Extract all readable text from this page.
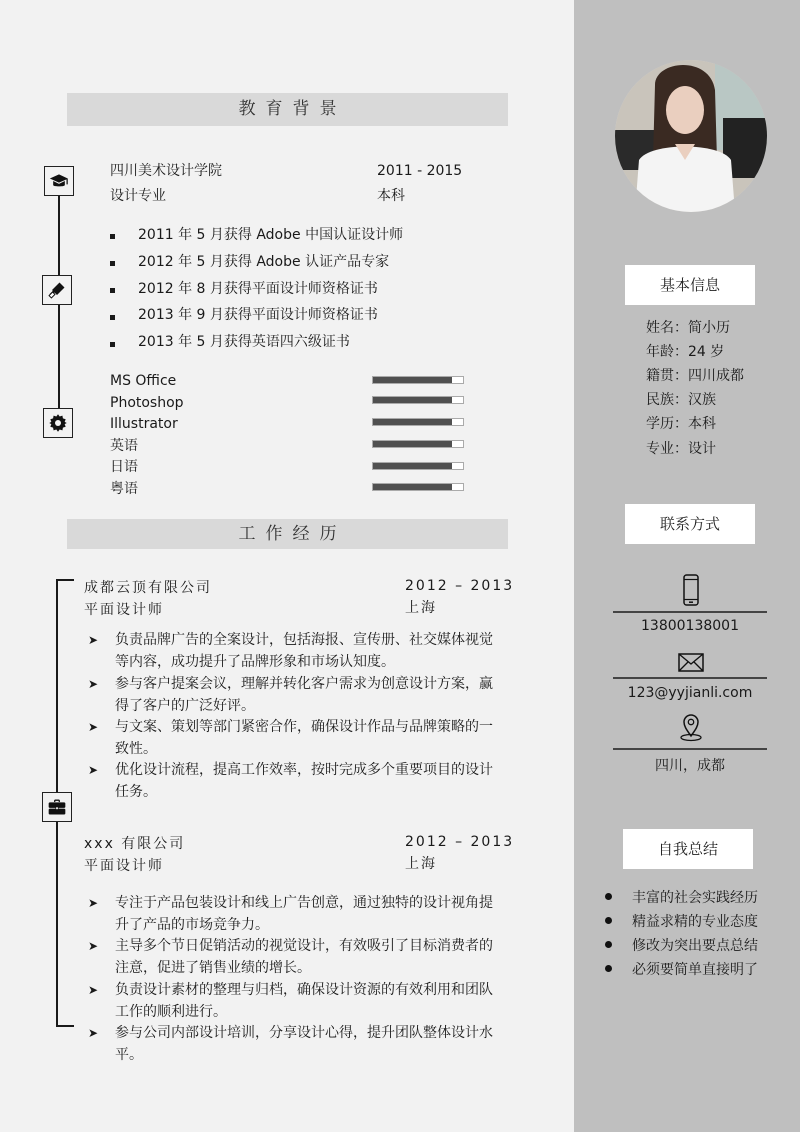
教育背景
四川美术设计学院	2011 - 2015
设计专业	本科
2011 年 5 月获得 Adobe 中国认证设计师
2012 年 5 月获得 Adobe 认证产品专家
2012 年 8 月获得平面设计师资格证书
2013 年 9 月获得平面设计师资格证书
2013 年 5 月获得英语四六级证书
MS Office
Photoshop
Illustrator
英语
日语
粤语
工作经历
成都云顶有限公司	2012 – 2013
平面设计师	上海
➤ 负责品牌广告的全案设计，包括海报、宣传册、社交媒体视觉等内容，成功提升了品牌形象和市场认知度。
➤ 参与客户提案会议，理解并转化客户需求为创意设计方案，赢得了客户的广泛好评。
➤ 与文案、策划等部门紧密合作，确保设计作品与品牌策略的一致性。
➤ 优化设计流程，提高工作效率，按时完成多个重要项目的设计任务。
xxx 有限公司	2012 – 2013
平面设计师	上海
➤ 专注于产品包装设计和线上广告创意，通过独特的设计视角提升了产品的市场竞争力。
➤ 主导多个节日促销活动的视觉设计，有效吸引了目标消费者的注意，促进了销售业绩的增长。
➤ 负责设计素材的整理与归档，确保设计资源的有效利用和团队工作的顺利进行。
➤ 参与公司内部设计培训，分享设计心得，提升团队整体设计水平。
基本信息
姓名：简小历
年龄：24 岁
籍贯：四川成都
民族：汉族
学历：本科
专业：设计
联系方式
13800138001
123@yyjianli.com
四川，成都
自我总结
丰富的社会实践经历
精益求精的专业态度
修改为突出要点总结
必须要简单直接明了
